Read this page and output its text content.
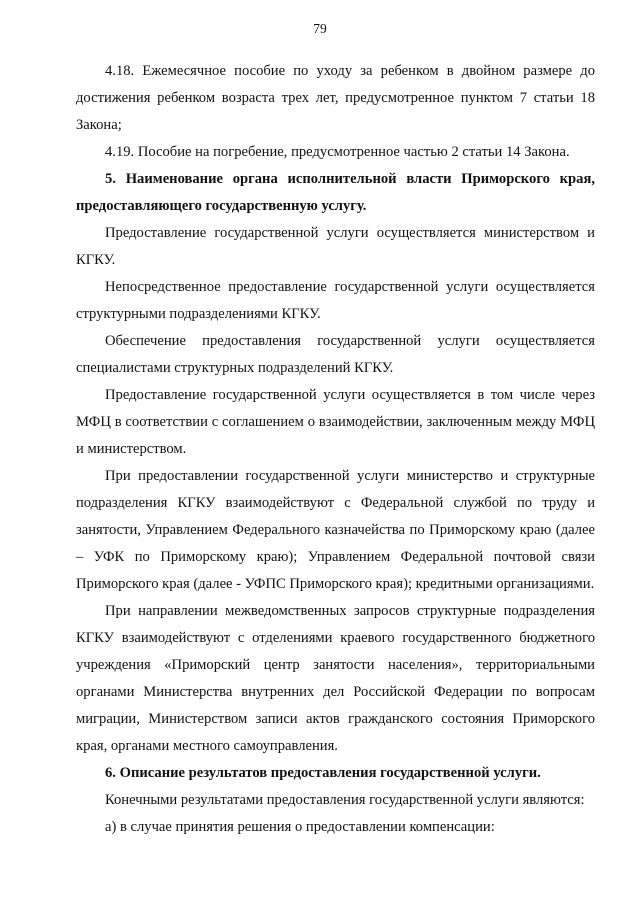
79

4.18. Ежемесячное пособие по уходу за ребенком в двойном размере до достижения ребенком возраста трех лет, предусмотренное пунктом 7 статьи 18 Закона;

4.19. Пособие на погребение, предусмотренное частью 2 статьи 14 Закона.

5. Наименование органа исполнительной власти Приморского края, предоставляющего государственную услугу.

Предоставление государственной услуги осуществляется министерством и КГКУ.

Непосредственное предоставление государственной услуги осуществляется структурными подразделениями КГКУ.

Обеспечение предоставления государственной услуги осуществляется специалистами структурных подразделений КГКУ.

Предоставление государственной услуги осуществляется в том числе через МФЦ в соответствии с соглашением о взаимодействии, заключенным между МФЦ и министерством.

При предоставлении государственной услуги министерство и структурные подразделения КГКУ взаимодействуют с Федеральной службой по труду и занятости, Управлением Федерального казначейства по Приморскому краю (далее – УФК по Приморскому краю); Управлением Федеральной почтовой связи Приморского края (далее - УФПС Приморского края); кредитными организациями.

При направлении межведомственных запросов структурные подразделения КГКУ взаимодействуют с отделениями краевого государственного бюджетного учреждения «Приморский центр занятости населения», территориальными органами Министерства внутренних дел Российской Федерации по вопросам миграции, Министерством записи актов гражданского состояния Приморского края, органами местного самоуправления.

6. Описание результатов предоставления государственной услуги.

Конечными результатами предоставления государственной услуги являются:

а) в случае принятия решения о предоставлении компенсации:
